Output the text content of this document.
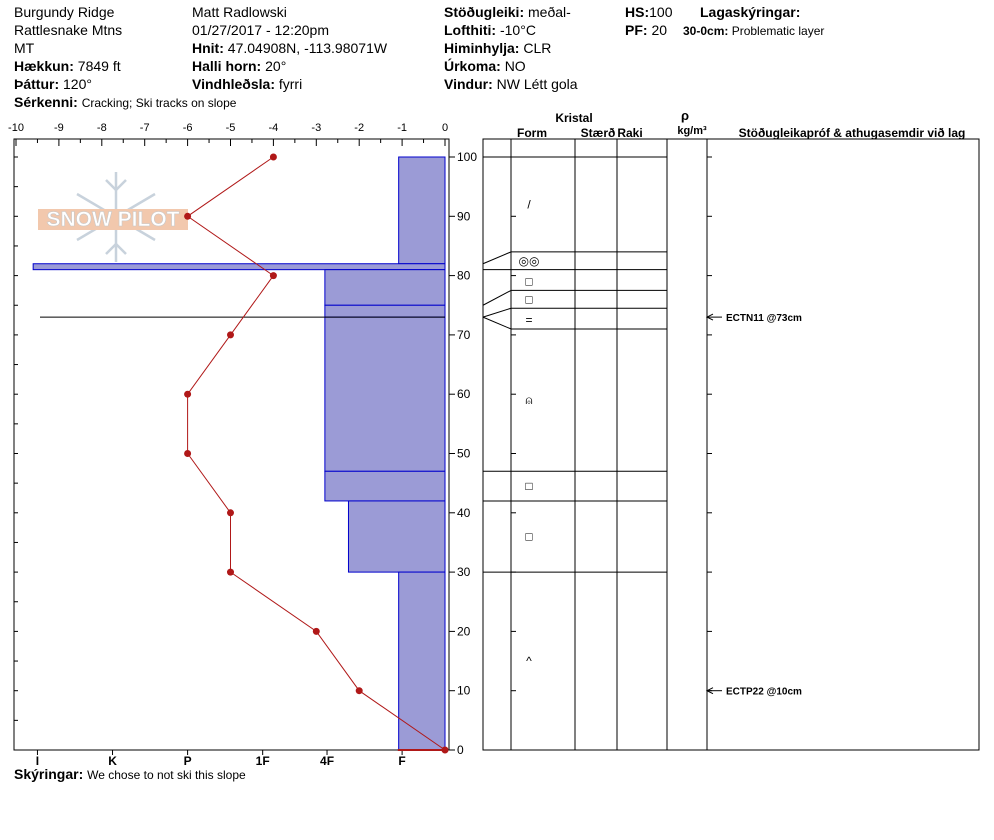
Burgundy Ridge
Rattlesnake Mtns
MT
Hækkun: 7849 ft
Þáttur: 120°
Sérkenni: Cracking; Ski tracks on slope
Matt Radlowski
01/27/2017 - 12:20pm
Hnit: 47.04908N, -113.98071W
Halli horn: 20°
Vindhleðsla: fyrri
Stöðugleiki: meðal-
Lofthiti: -10°C
Himinhylja: CLR
Úrkoma: NO
Vindur: NW Létt gola
HS:100
PF: 20
Lagaskýringar:
30-0cm: Problematic layer
Skýringar: We chose to not ski this slope
SNOW PILOT
-10	-9	-8	-7	-6	-5	-4	-3	-2	-1	0
0
10
20
30
40
50
60
70
80
90
100
I	K	P	1F	4F	F
Kristal
Form	Stærð Raki
ρ
kg/m³	Stöðugleikapróf & athugasemdir við lag
/
◎◎
□
□
=
⍝
□
□
^
ECTN11 @73cm
ECTP22 @10cm
